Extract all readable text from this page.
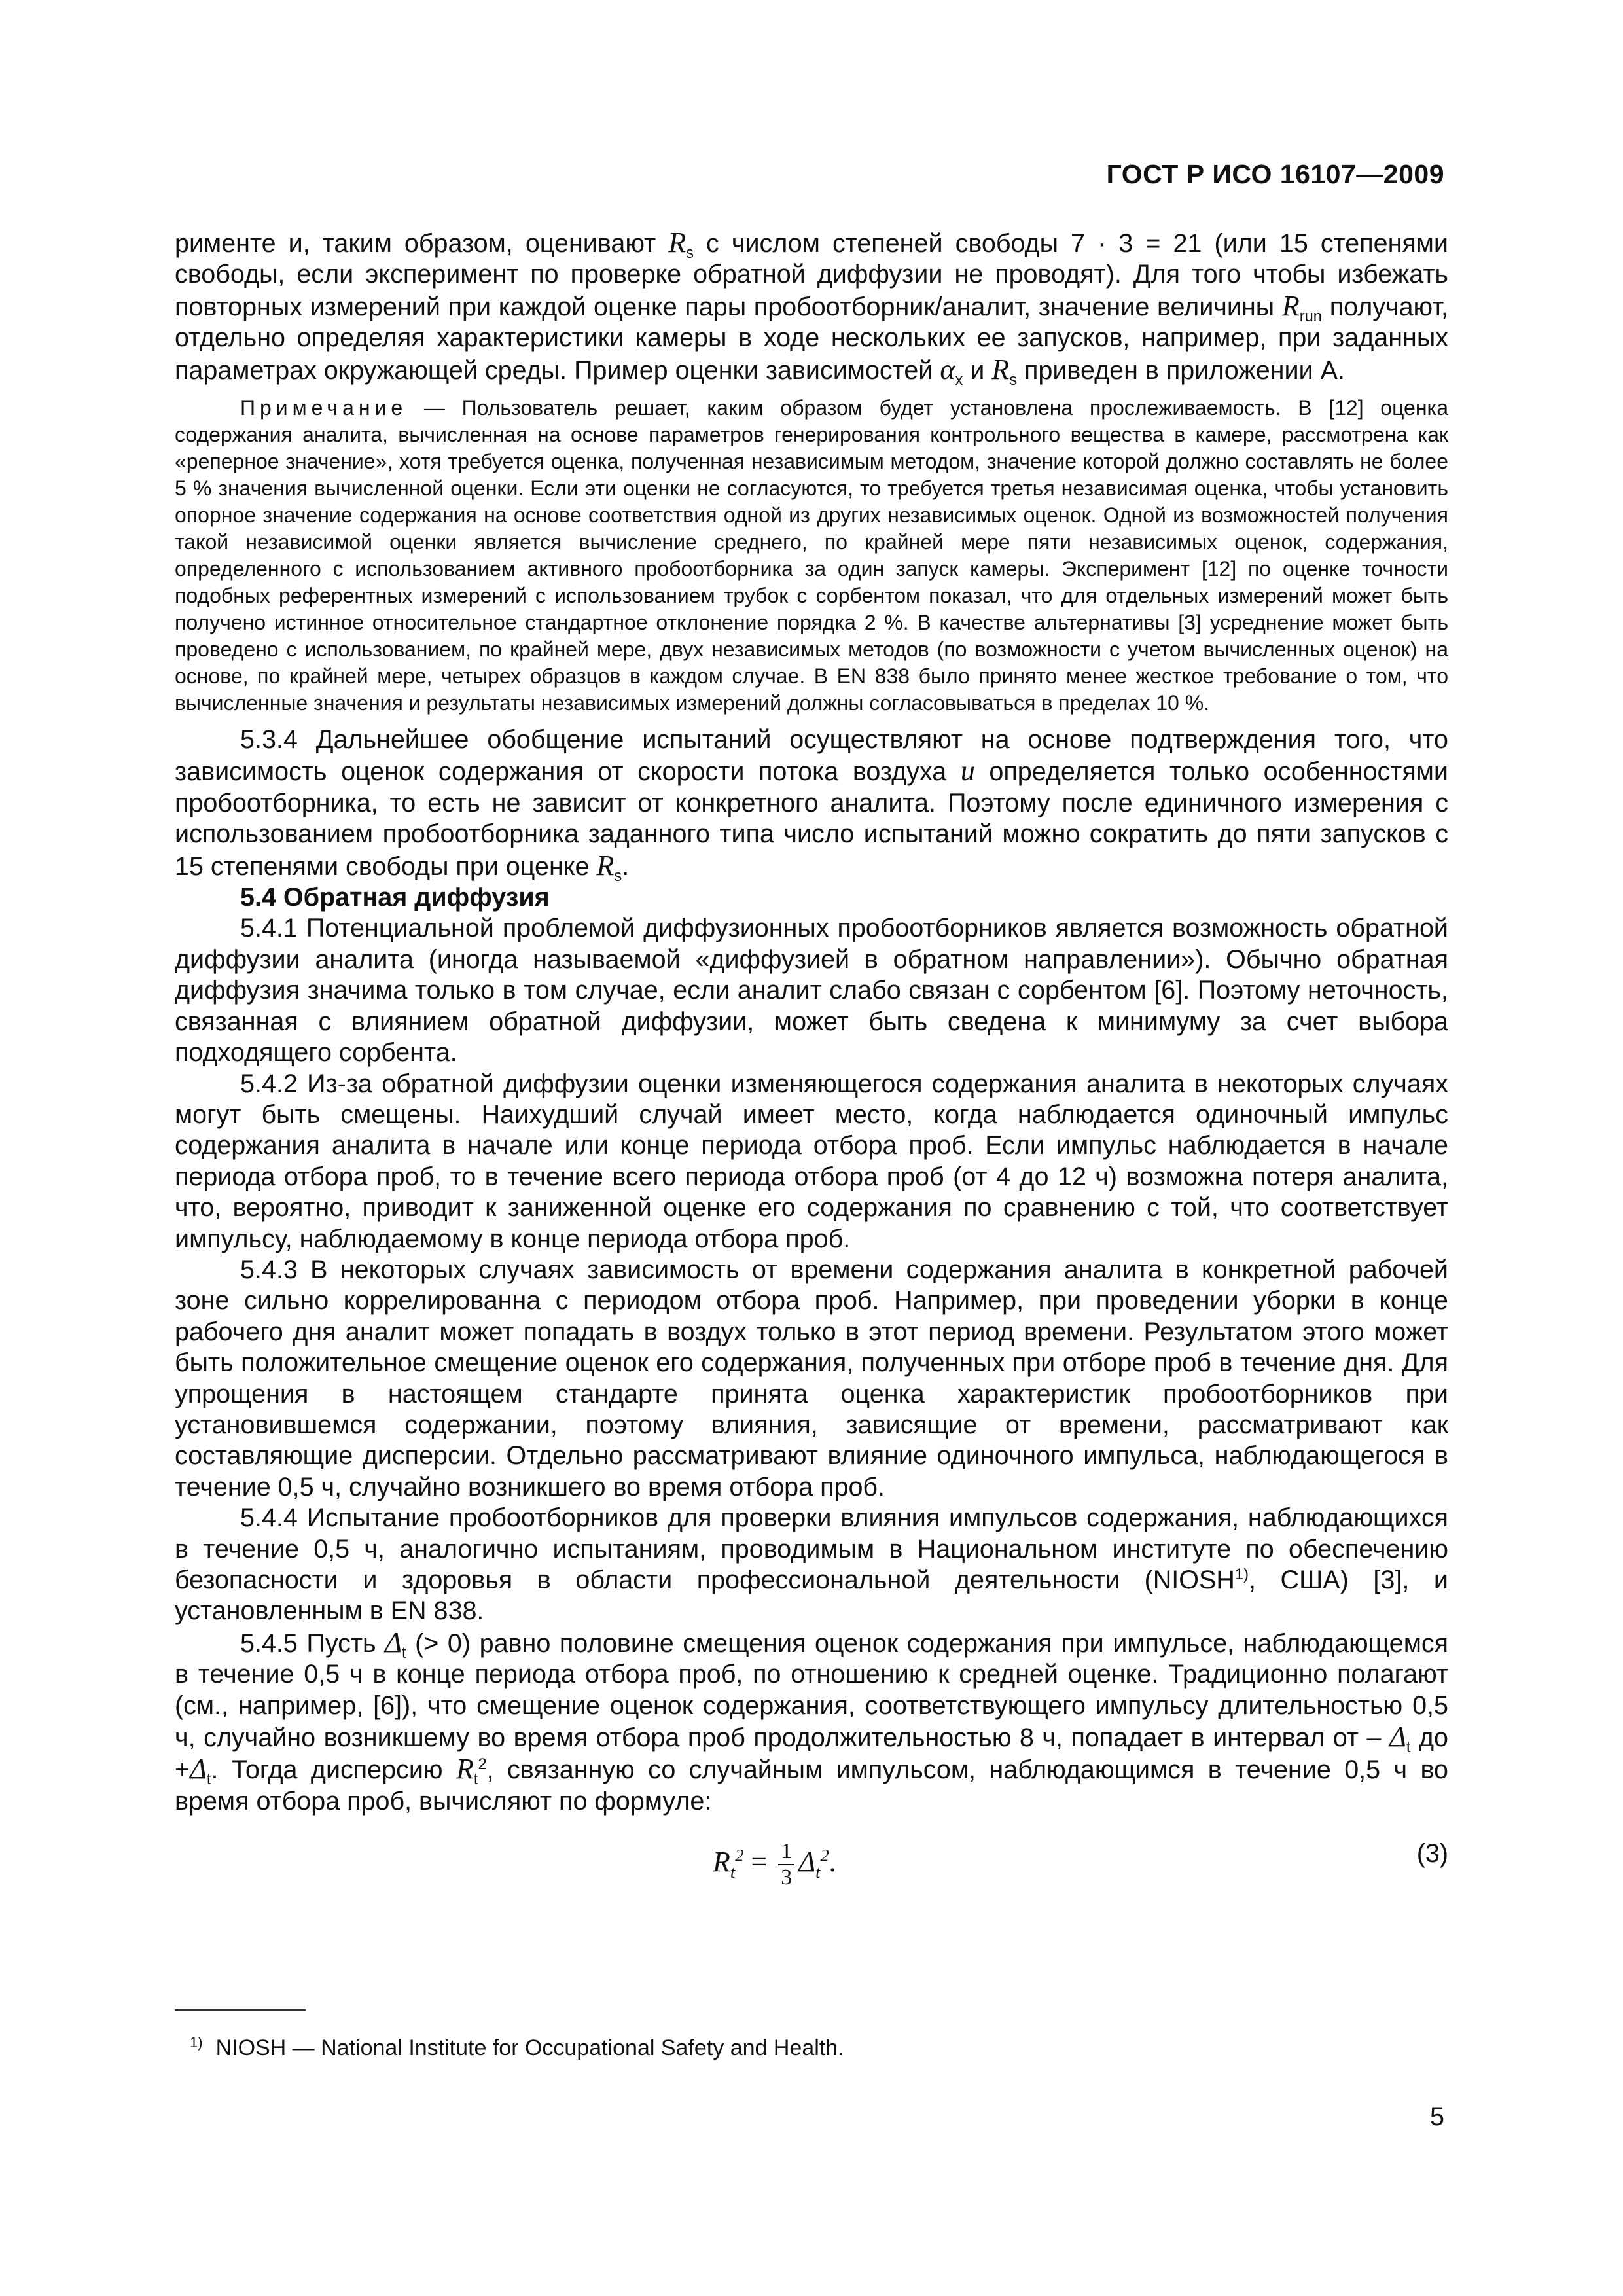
ГОСТ Р ИСО 16107—2009

рименте и, таким образом, оценивают $R_s$ с числом степеней свободы 7 · 3 = 21 (или 15 степенями свободы, если эксперимент по проверке обратной диффузии не проводят). Для того чтобы избежать повторных измерений при каждой оценке пары пробоотборник/аналит, значение величины $R_{run}$ получают, отдельно определяя характеристики камеры в ходе нескольких ее запусков, например, при заданных параметрах окружающей среды. Пример оценки зависимостей $\alpha_x$ и $R_s$ приведен в приложении А.

Примечание — Пользователь решает, каким образом будет установлена прослеживаемость. В [12] оценка содержания аналита, вычисленная на основе параметров генерирования контрольного вещества в камере, рассмотрена как «реперное значение», хотя требуется оценка, полученная независимым методом, значение которой должно составлять не более 5 % значения вычисленной оценки. Если эти оценки не согласуются, то требуется третья независимая оценка, чтобы установить опорное значение содержания на основе соответствия одной из других независимых оценок. Одной из возможностей получения такой независимой оценки является вычисление среднего, по крайней мере пяти независимых оценок, содержания, определенного с использованием активного пробоотборника за один запуск камеры. Эксперимент [12] по оценке точности подобных референтных измерений с использованием трубок с сорбентом показал, что для отдельных измерений может быть получено истинное относительное стандартное отклонение порядка 2 %. В качестве альтернативы [3] усреднение может быть проведено с использованием, по крайней мере, двух независимых методов (по возможности с учетом вычисленных оценок) на основе, по крайней мере, четырех образцов в каждом случае. В EN 838 было принято менее жесткое требование о том, что вычисленные значения и результаты независимых измерений должны согласовываться в пределах 10 %.

5.3.4 Дальнейшее обобщение испытаний осуществляют на основе подтверждения того, что зависимость оценок содержания от скорости потока воздуха u определяется только особенностями пробоотборника, то есть не зависит от конкретного аналита. Поэтому после единичного измерения с использованием пробоотборника заданного типа число испытаний можно сократить до пяти запусков с 15 степенями свободы при оценке $R_s$.

5.4 Обратная диффузия

5.4.1 Потенциальной проблемой диффузионных пробоотборников является возможность обратной диффузии аналита (иногда называемой «диффузией в обратном направлении»). Обычно обратная диффузия значима только в том случае, если аналит слабо связан с сорбентом [6]. Поэтому неточность, связанная с влиянием обратной диффузии, может быть сведена к минимуму за счет выбора подходящего сорбента.

5.4.2 Из-за обратной диффузии оценки изменяющегося содержания аналита в некоторых случаях могут быть смещены. Наихудший случай имеет место, когда наблюдается одиночный импульс содержания аналита в начале или конце периода отбора проб. Если импульс наблюдается в начале периода отбора проб, то в течение всего периода отбора проб (от 4 до 12 ч) возможна потеря аналита, что, вероятно, приводит к заниженной оценке его содержания по сравнению с той, что соответствует импульсу, наблюдаемому в конце периода отбора проб.

5.4.3 В некоторых случаях зависимость от времени содержания аналита в конкретной рабочей зоне сильно коррелированна с периодом отбора проб. Например, при проведении уборки в конце рабочего дня аналит может попадать в воздух только в этот период времени. Результатом этого может быть положительное смещение оценок его содержания, полученных при отборе проб в течение дня. Для упрощения в настоящем стандарте принята оценка характеристик пробоотборников при установившемся содержании, поэтому влияния, зависящие от времени, рассматривают как составляющие дисперсии. Отдельно рассматривают влияние одиночного импульса, наблюдающегося в течение 0,5 ч, случайно возникшего во время отбора проб.

5.4.4 Испытание пробоотборников для проверки влияния импульсов содержания, наблюдающихся в течение 0,5 ч, аналогично испытаниям, проводимым в Национальном институте по обеспечению безопасности и здоровья в области профессиональной деятельности (NIOSH$^{1)}$, США) [3], и установленным в EN 838.

5.4.5 Пусть $\Delta_t$ (> 0) равно половине смещения оценок содержания при импульсе, наблюдающемся в течение 0,5 ч в конце периода отбора проб, по отношению к средней оценке. Традиционно полагают (см., например, [6]), что смещение оценок содержания, соответствующего импульсу длительностью 0,5 ч, случайно возникшему во время отбора проб продолжительностью 8 ч, попадает в интервал от – $\Delta_t$ до $+\Delta_t$. Тогда дисперсию $R_t^2$, связанную со случайным импульсом, наблюдающимся в течение 0,5 ч во время отбора проб, вычисляют по формуле:

$R_t^2 = \frac{1}{3} \Delta_t^2$.	(3)
$^{1)}$ NIOSH — National Institute for Occupational Safety and Health.
5
